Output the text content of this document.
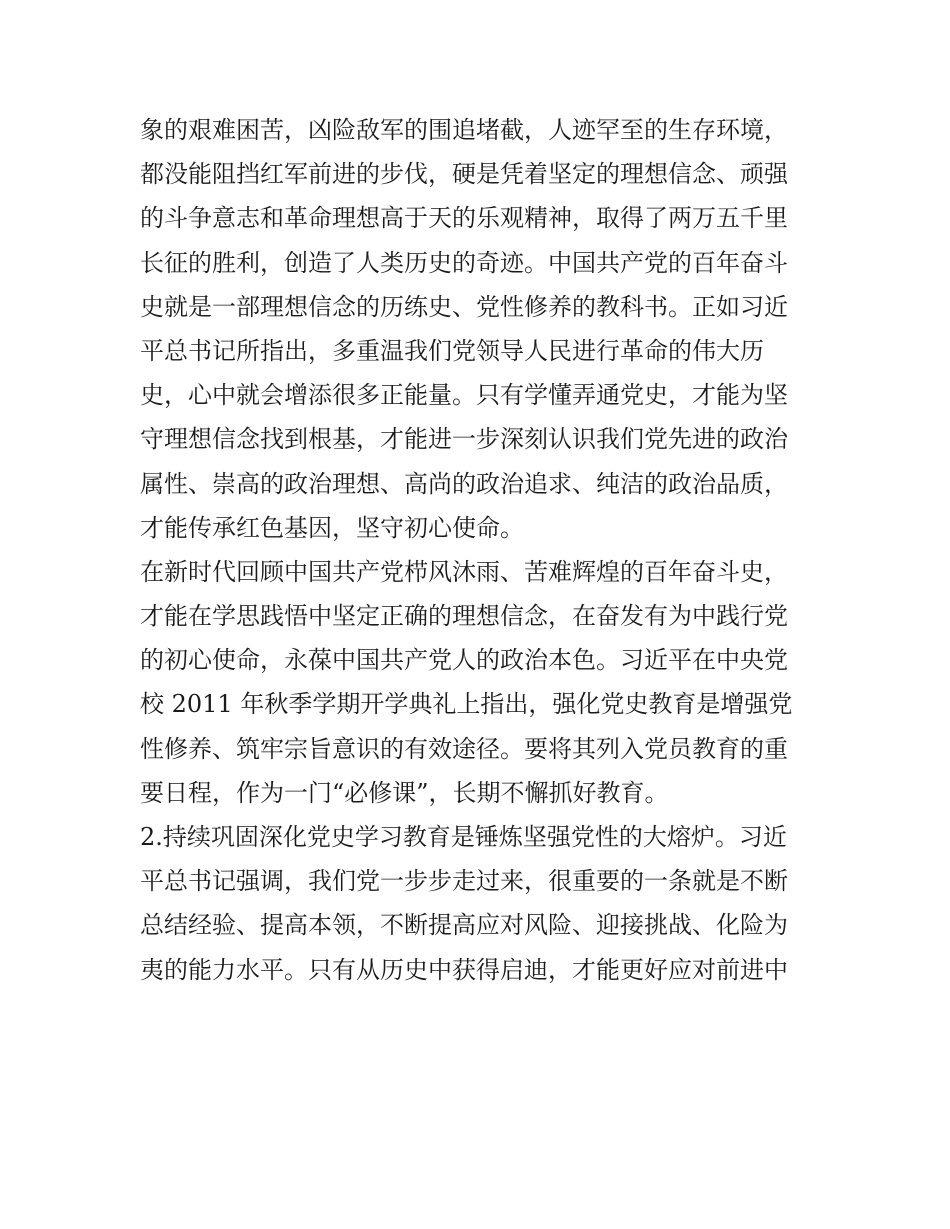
象的艰难困苦，凶险敌军的围追堵截，人迹罕至的生存环境，
都没能阻挡红军前进的步伐，硬是凭着坚定的理想信念、顽强
的斗争意志和革命理想高于天的乐观精神，取得了两万五千里
长征的胜利，创造了人类历史的奇迹。中国共产党的百年奋斗
史就是一部理想信念的历练史、党性修养的教科书。正如习近
平总书记所指出，多重温我们党领导人民进行革命的伟大历
史，心中就会增添很多正能量。只有学懂弄通党史，才能为坚
守理想信念找到根基，才能进一步深刻认识我们党先进的政治
属性、崇高的政治理想、高尚的政治追求、纯洁的政治品质，
才能传承红色基因，坚守初心使命。
在新时代回顾中国共产党栉风沐雨、苦难辉煌的百年奋斗史，
才能在学思践悟中坚定正确的理想信念，在奋发有为中践行党
的初心使命，永葆中国共产党人的政治本色。习近平在中央党
校 2011 年秋季学期开学典礼上指出，强化党史教育是增强党
性修养、筑牢宗旨意识的有效途径。要将其列入党员教育的重
要日程，作为一门“必修课”，长期不懈抓好教育。
2.持续巩固深化党史学习教育是锤炼坚强党性的大熔炉。习近
平总书记强调，我们党一步步走过来，很重要的一条就是不断
总结经验、提高本领，不断提高应对风险、迎接挑战、化险为
夷的能力水平。只有从历史中获得启迪，才能更好应对前进中
